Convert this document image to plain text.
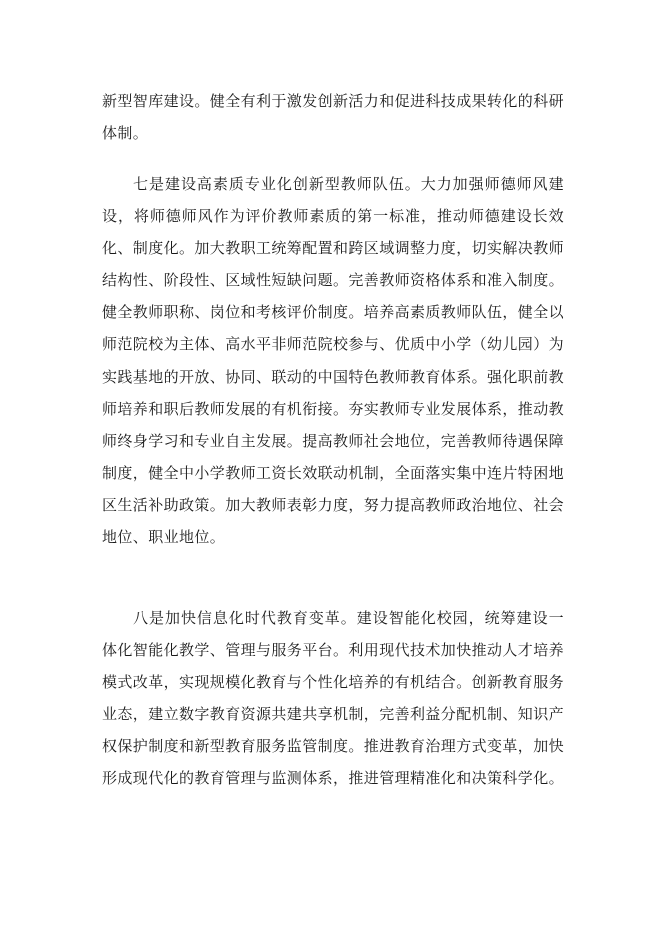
新型智库建设。健全有利于激发创新活力和促进科技成果转化的科研体制。

七是建设高素质专业化创新型教师队伍。大力加强师德师风建设，将师德师风作为评价教师素质的第一标准，推动师德建设长效化、制度化。加大教职工统筹配置和跨区域调整力度，切实解决教师结构性、阶段性、区域性短缺问题。完善教师资格体系和准入制度。健全教师职称、岗位和考核评价制度。培养高素质教师队伍，健全以师范院校为主体、高水平非师范院校参与、优质中小学（幼儿园）为实践基地的开放、协同、联动的中国特色教师教育体系。强化职前教师培养和职后教师发展的有机衔接。夯实教师专业发展体系，推动教师终身学习和专业自主发展。提高教师社会地位，完善教师待遇保障制度，健全中小学教师工资长效联动机制，全面落实集中连片特困地区生活补助政策。加大教师表彰力度，努力提高教师政治地位、社会地位、职业地位。

八是加快信息化时代教育变革。建设智能化校园，统筹建设一体化智能化教学、管理与服务平台。利用现代技术加快推动人才培养模式改革，实现规模化教育与个性化培养的有机结合。创新教育服务业态，建立数字教育资源共建共享机制，完善利益分配机制、知识产权保护制度和新型教育服务监管制度。推进教育治理方式变革，加快形成现代化的教育管理与监测体系，推进管理精准化和决策科学化。
